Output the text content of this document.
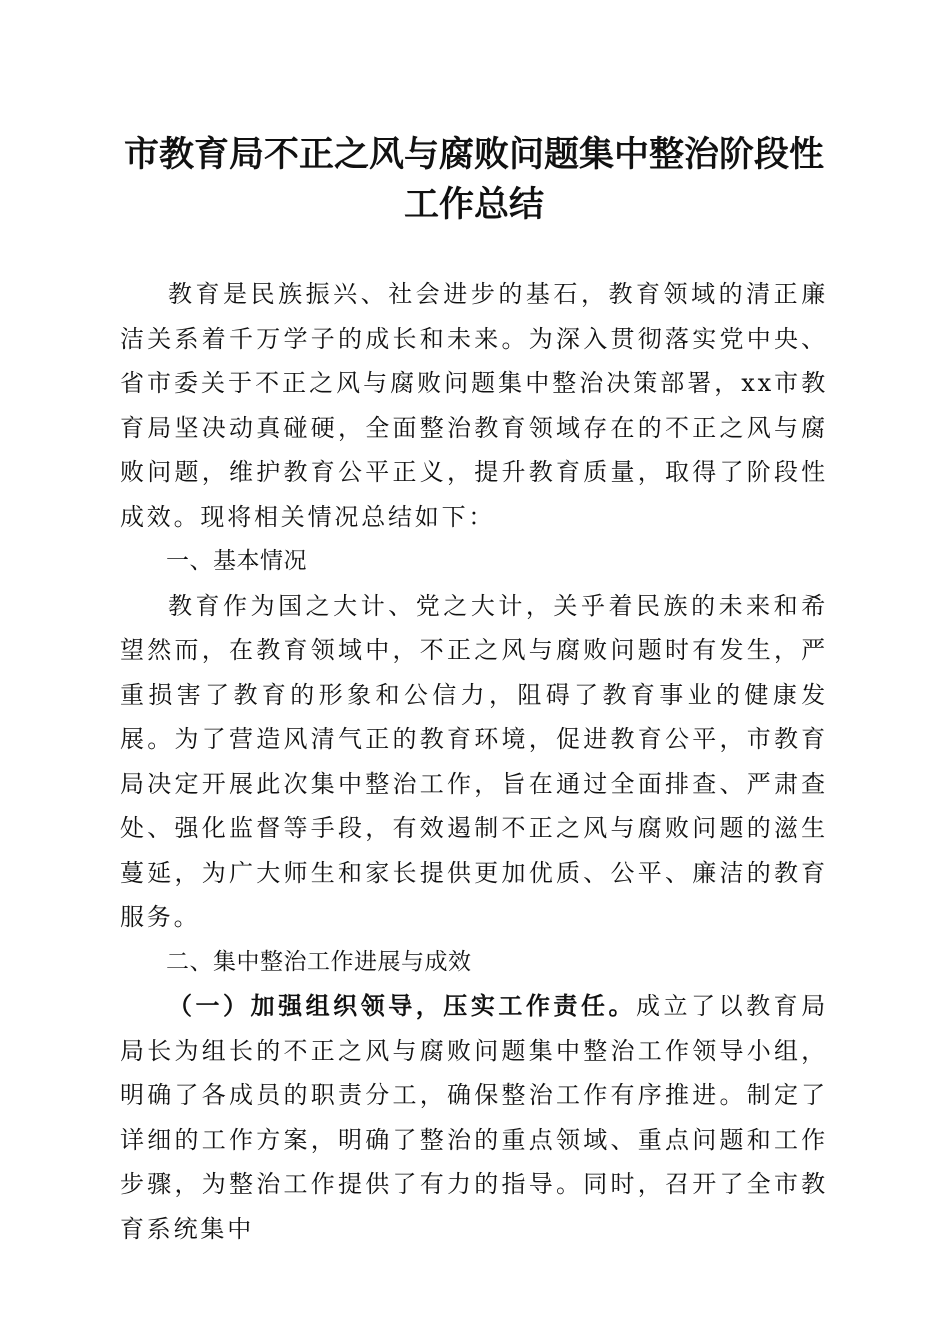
市教育局不正之风与腐败问题集中整治阶段性
工作总结

教育是民族振兴、社会进步的基石，教育领域的清正廉洁关系着千万学子的成长和未来。为深入贯彻落实党中央、省市委关于不正之风与腐败问题集中整治决策部署，xx市教育局坚决动真碰硬，全面整治教育领域存在的不正之风与腐败问题，维护教育公平正义，提升教育质量，取得了阶段性成效。现将相关情况总结如下：

一、基本情况

教育作为国之大计、党之大计，关乎着民族的未来和希望然而，在教育领域中，不正之风与腐败问题时有发生，严重损害了教育的形象和公信力，阻碍了教育事业的健康发展。为了营造风清气正的教育环境，促进教育公平，市教育局决定开展此次集中整治工作，旨在通过全面排查、严肃查处、强化监督等手段，有效遏制不正之风与腐败问题的滋生蔓延，为广大师生和家长提供更加优质、公平、廉洁的教育服务。

二、集中整治工作进展与成效

（一）加强组织领导，压实工作责任。成立了以教育局局长为组长的不正之风与腐败问题集中整治工作领导小组，明确了各成员的职责分工，确保整治工作有序推进。制定了详细的工作方案，明确了整治的重点领域、重点问题和工作步骤，为整治工作提供了有力的指导。同时，召开了全市教育系统集中
